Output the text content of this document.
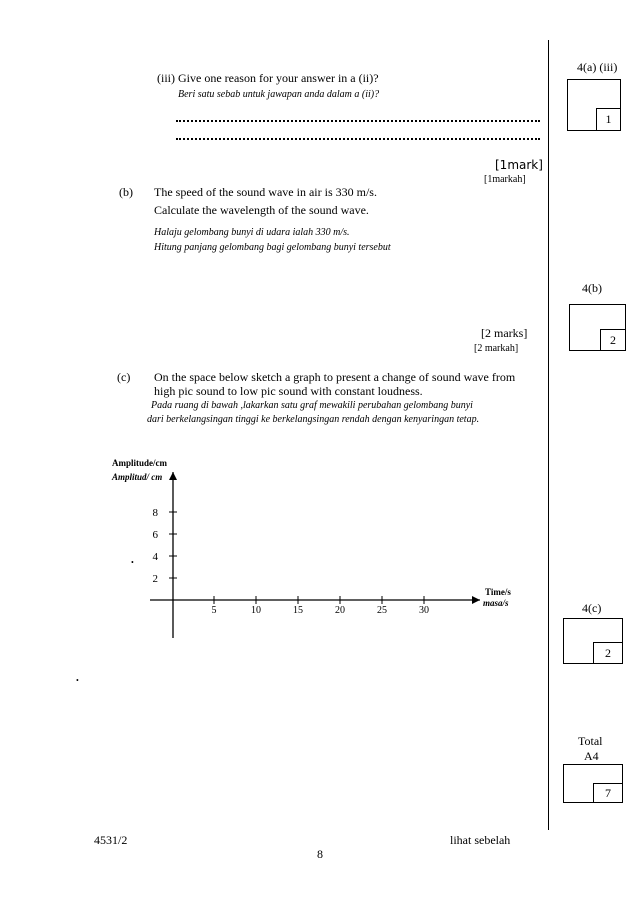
(iii) Give one reason for your answer in a (ii)?
Beri satu sebab untuk jawapan anda dalam a (ii)?
[1mark]
[1markah]
(b) The speed of the sound wave in air is 330 m/s.
Calculate the wavelength of the sound wave.
Halaju gelombang bunyi di udara ialah 330 m/s.
Hitung panjang gelombang bagi gelombang bunyi tersebut
[2 marks]
[2 markah]
(c) On the space below sketch a graph to present a change of sound wave from
high pic sound to low pic sound with constant loudness.
Pada ruang di bawah ,lakarkan satu graf mewakili perubahan gelombang bunyi
dari berkelangsingan tinggi ke berkelangsingan rendah dengan kenyaringan tetap.
Amplitude/cm
Amplitud/ cm
Time/s
masa/s
5	10	15	20	25	30
2
4
6
8
•
•
4(a) (iii)
1
4(b)
2
4(c)
2
Total
A4
7
4531/2	lihat sebelah
8
